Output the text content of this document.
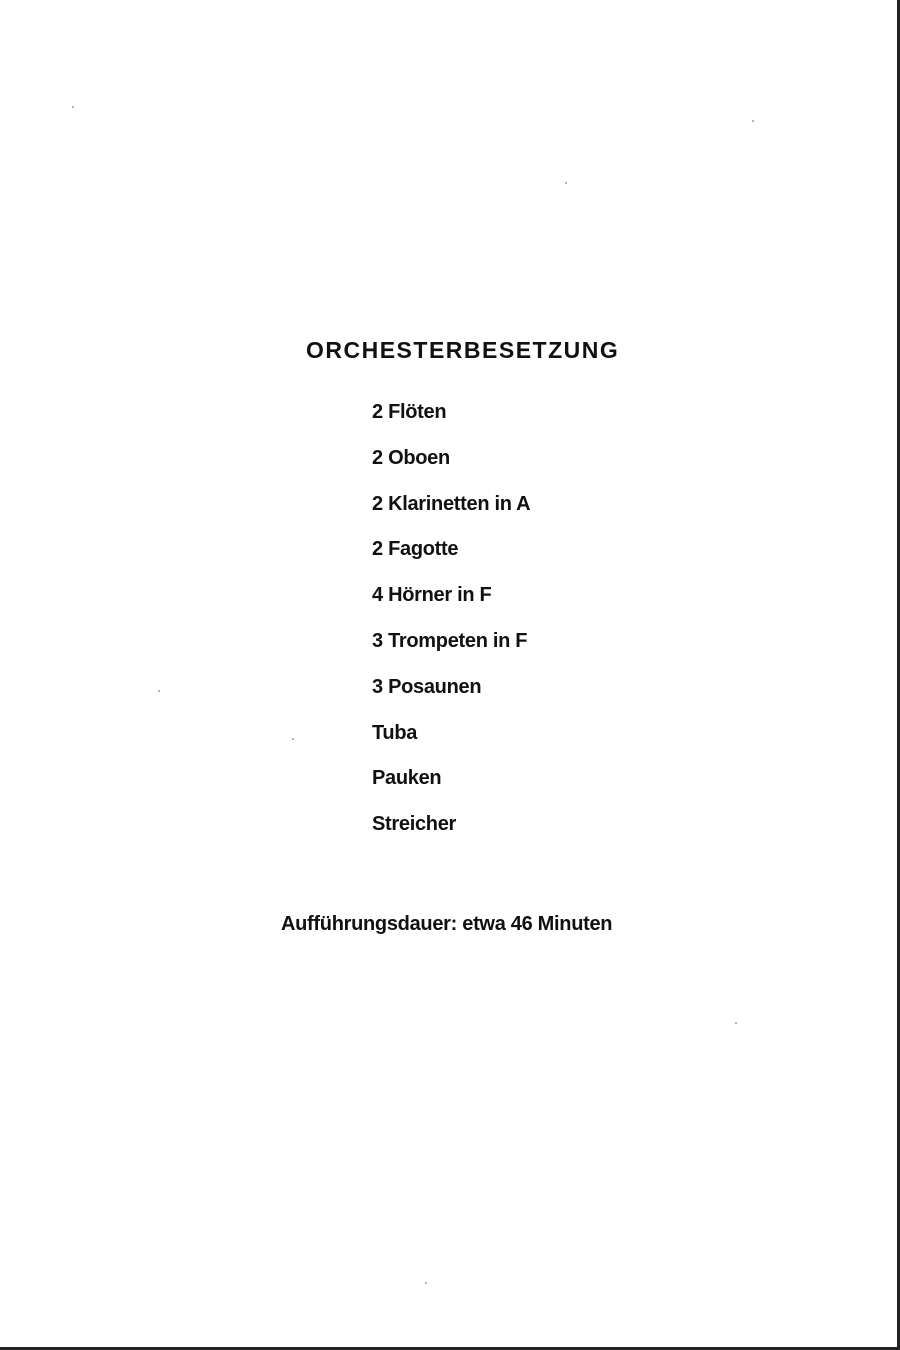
ORCHESTERBESETZUNG
2 Flöten
2 Oboen
2 Klarinetten in A
2 Fagotte
4 Hörner in F
3 Trompeten in F
3 Posaunen
Tuba
Pauken
Streicher
Aufführungsdauer: etwa 46 Minuten
